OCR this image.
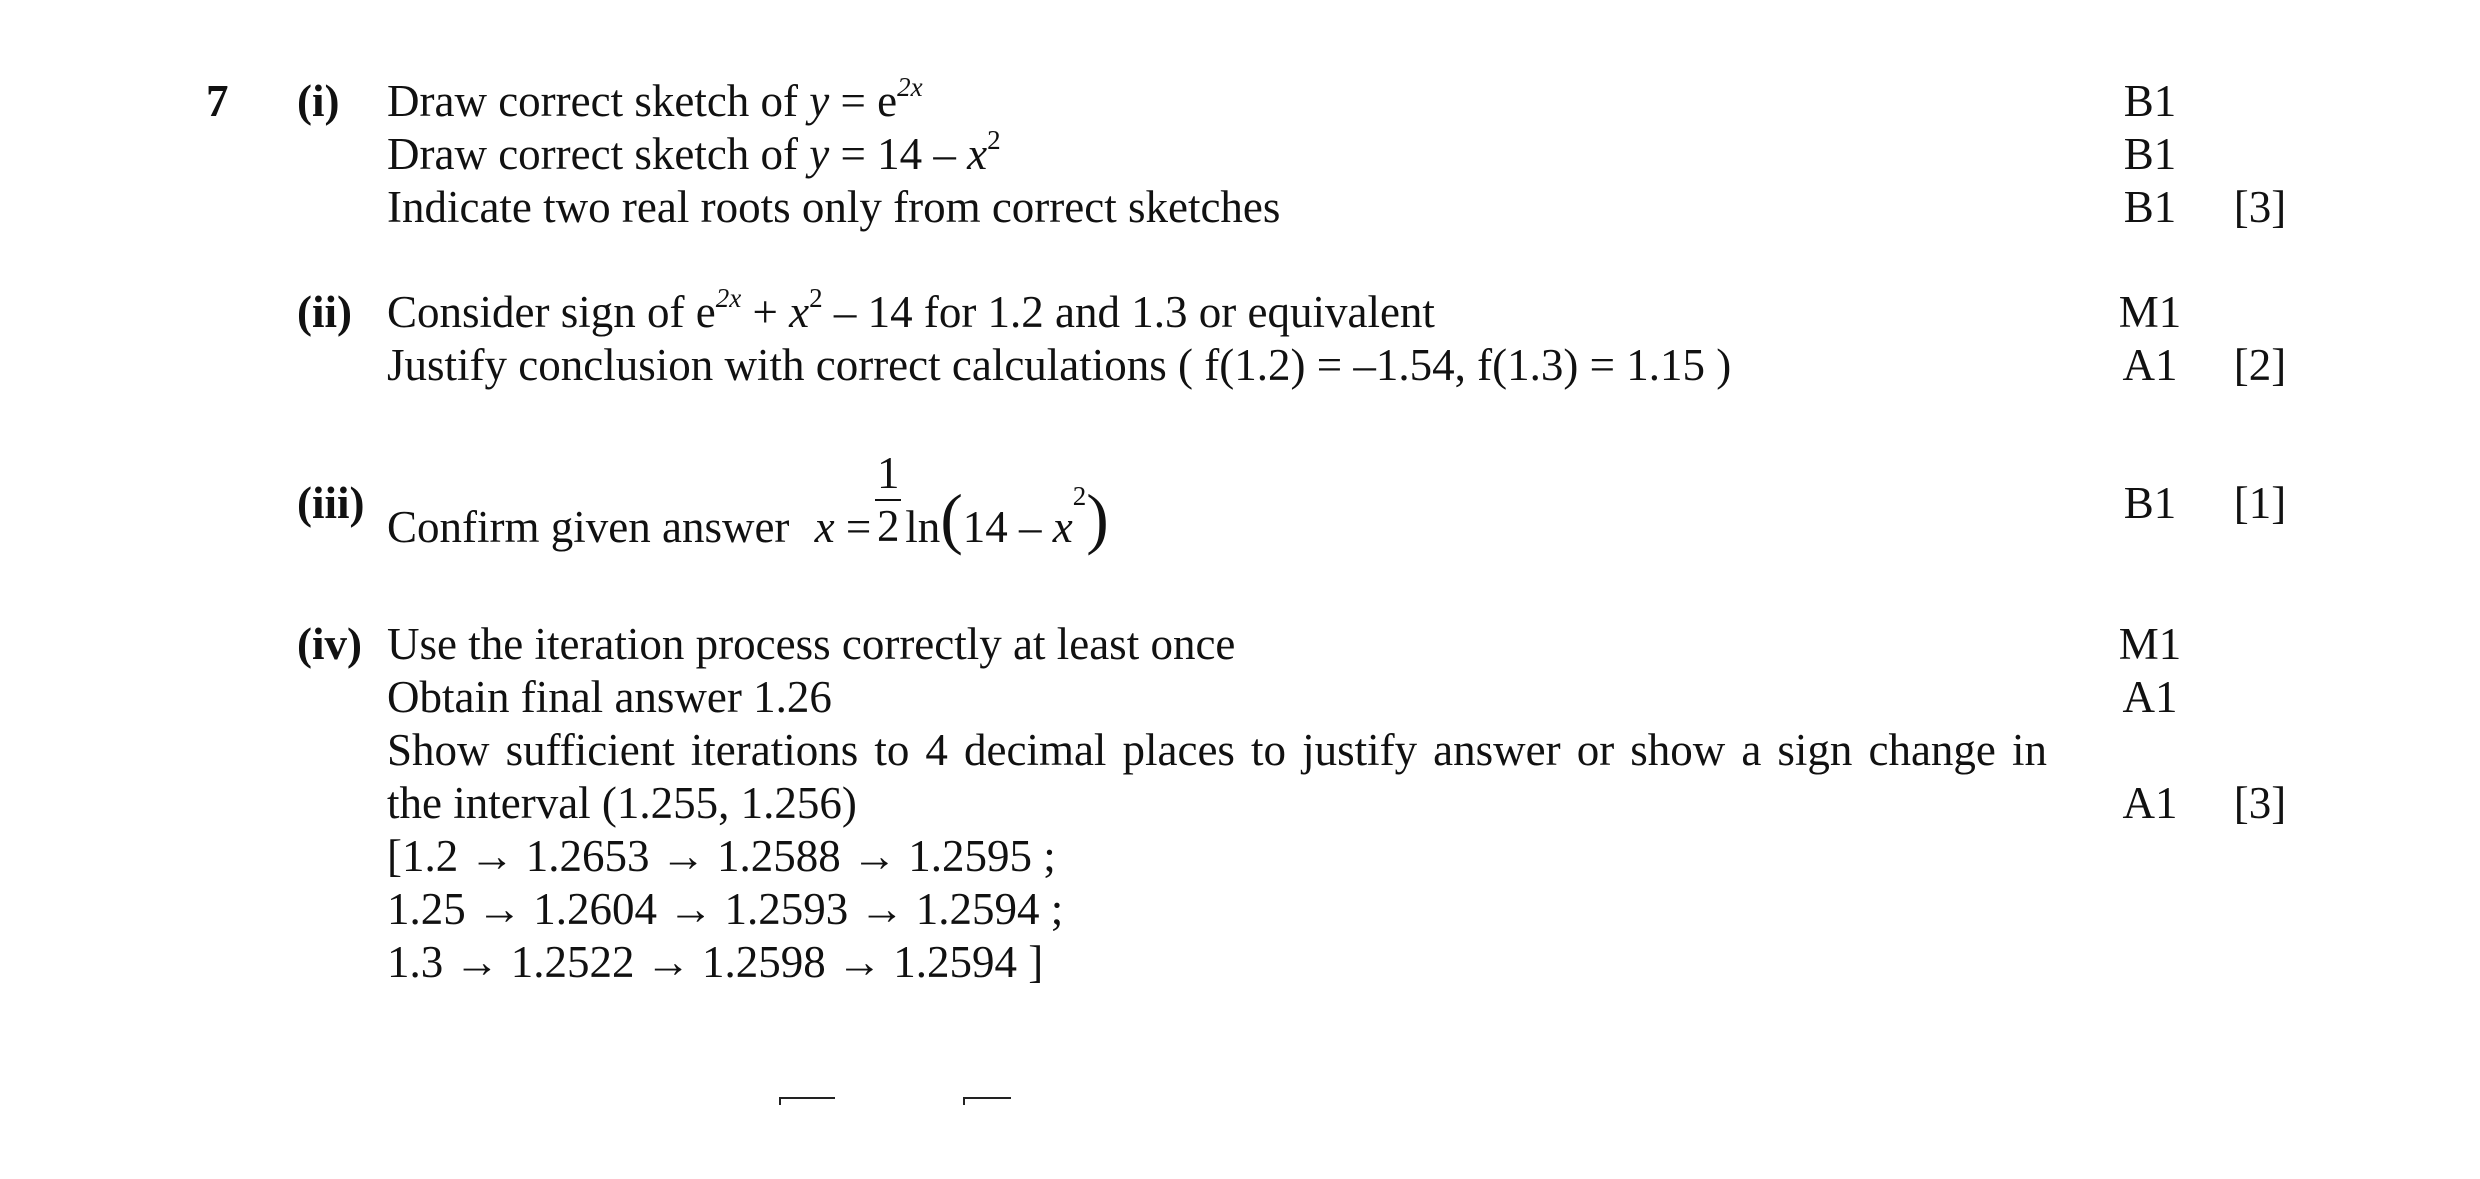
7 (i) Draw correct sketch of $y = e^{2x}$	B1
Draw correct sketch of $y = 14 - x^2$	B1
Indicate two real roots only from correct sketches	B1	[3]
(ii) Consider sign of $e^{2x} + x^2 - 14$ for 1.2 and 1.3 or equivalent	M1
Justify conclusion with correct calculations ( f(1.2) = –1.54, f(1.3) = 1.15 )	A1	[2]
(iii) Confirm given answer $x = \frac{1}{2} \ln(14 - x^2)$	B1	[1]
(iv) Use the iteration process correctly at least once	M1
Obtain final answer 1.26	A1
Show sufficient iterations to 4 decimal places to justify answer or show a sign change in
the interval (1.255, 1.256)	A1	[3]
[1.2 → 1.2653 → 1.2588 → 1.2595 ;
1.25 → 1.2604 → 1.2593 → 1.2594 ;
1.3 → 1.2522 → 1.2598 → 1.2594 ]
